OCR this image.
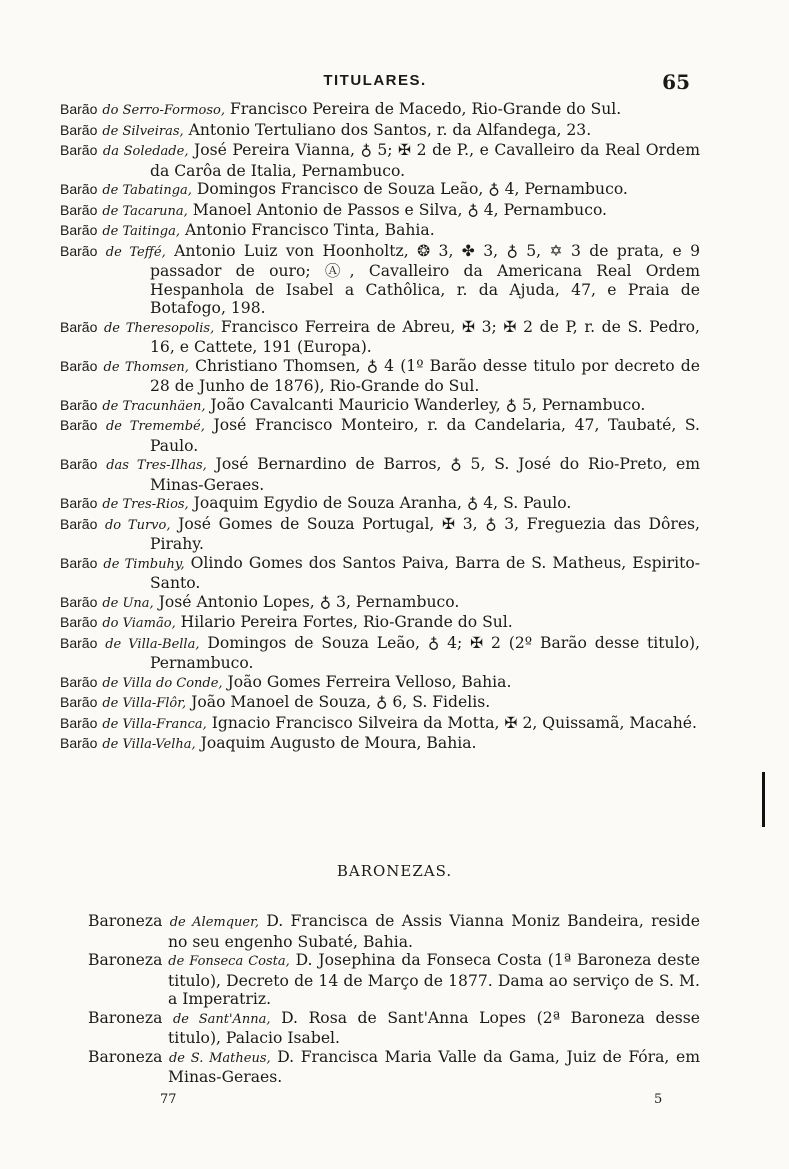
TITULARES.	65

Barão do Serro-Formoso, Francisco Pereira de Macedo, Rio-Grande do Sul.

Barão de Silveiras, Antonio Tertuliano dos Santos, r. da Alfandega, 23.

Barão da Soledade, José Pereira Vianna, ♁ 5; ✠ 2 de P., e Cavalleiro da Real Ordem da Carôa de Italia, Pernambuco.

Barão de Tabatinga, Domingos Francisco de Souza Leão, ♁ 4, Pernambuco.

Barão de Tacaruna, Manoel Antonio de Passos e Silva, ♁ 4, Pernambuco.

Barão de Taitinga, Antonio Francisco Tinta, Bahia.

Barão de Teffé, Antonio Luiz von Hoonholtz, ❂ 3, ✤ 3, ♁ 5, ✡ 3 de prata, e 9 passador de ouro; Ⓐ, Cavalleiro da Americana Real Ordem Hespanhola de Isabel a Cathôlica, r. da Ajuda, 47, e Praia de Botafogo, 198.

Barão de Theresopolis, Francisco Ferreira de Abreu, ✠ 3; ✠ 2 de P, r. de S. Pedro, 16, e Cattete, 191 (Europa).

Barão de Thomsen, Christiano Thomsen, ♁ 4 (1º Barão desse titulo por decreto de 28 de Junho de 1876), Rio-Grande do Sul.

Barão de Tracunhäen, João Cavalcanti Mauricio Wanderley, ♁ 5, Pernambuco.

Barão de Tremembé, José Francisco Monteiro, r. da Candelaria, 47, Taubaté, S. Paulo.

Barão das Tres-Ilhas, José Bernardino de Barros, ♁ 5, S. José do Rio-Preto, em Minas-Geraes.

Barão de Tres-Rios, Joaquim Egydio de Souza Aranha, ♁ 4, S. Paulo.

Barão do Turvo, José Gomes de Souza Portugal, ✠ 3, ♁ 3, Freguezia das Dôres, Pirahy.

Barão de Timbuhy, Olindo Gomes dos Santos Paiva, Barra de S. Matheus, Espirito-Santo.

Barão de Una, José Antonio Lopes, ♁ 3, Pernambuco.

Barão do Viamão, Hilario Pereira Fortes, Rio-Grande do Sul.

Barão de Villa-Bella, Domingos de Souza Leão, ♁ 4; ✠ 2 (2º Barão desse titulo), Pernambuco.

Barão de Villa do Conde, João Gomes Ferreira Velloso, Bahia.

Barão de Villa-Flôr, João Manoel de Souza, ♁ 6, S. Fidelis.

Barão de Villa-Franca, Ignacio Francisco Silveira da Motta, ✠ 2, Quissamã, Macahé.

Barão de Villa-Velha, Joaquim Augusto de Moura, Bahia.

BARONEZAS.

Baroneza de Alemquer, D. Francisca de Assis Vianna Moniz Bandeira, reside no seu engenho Subaté, Bahia.

Baroneza de Fonseca Costa, D. Josephina da Fonseca Costa (1ª Baroneza deste titulo), Decreto de 14 de Março de 1877. Dama ao serviço de S. M. a Imperatriz.

Baroneza de Sant'Anna, D. Rosa de Sant'Anna Lopes (2ª Baroneza desse titulo), Palacio Isabel.

Baroneza de S. Matheus, D. Francisca Maria Valle da Gama, Juiz de Fóra, em Minas-Geraes.

77	5
